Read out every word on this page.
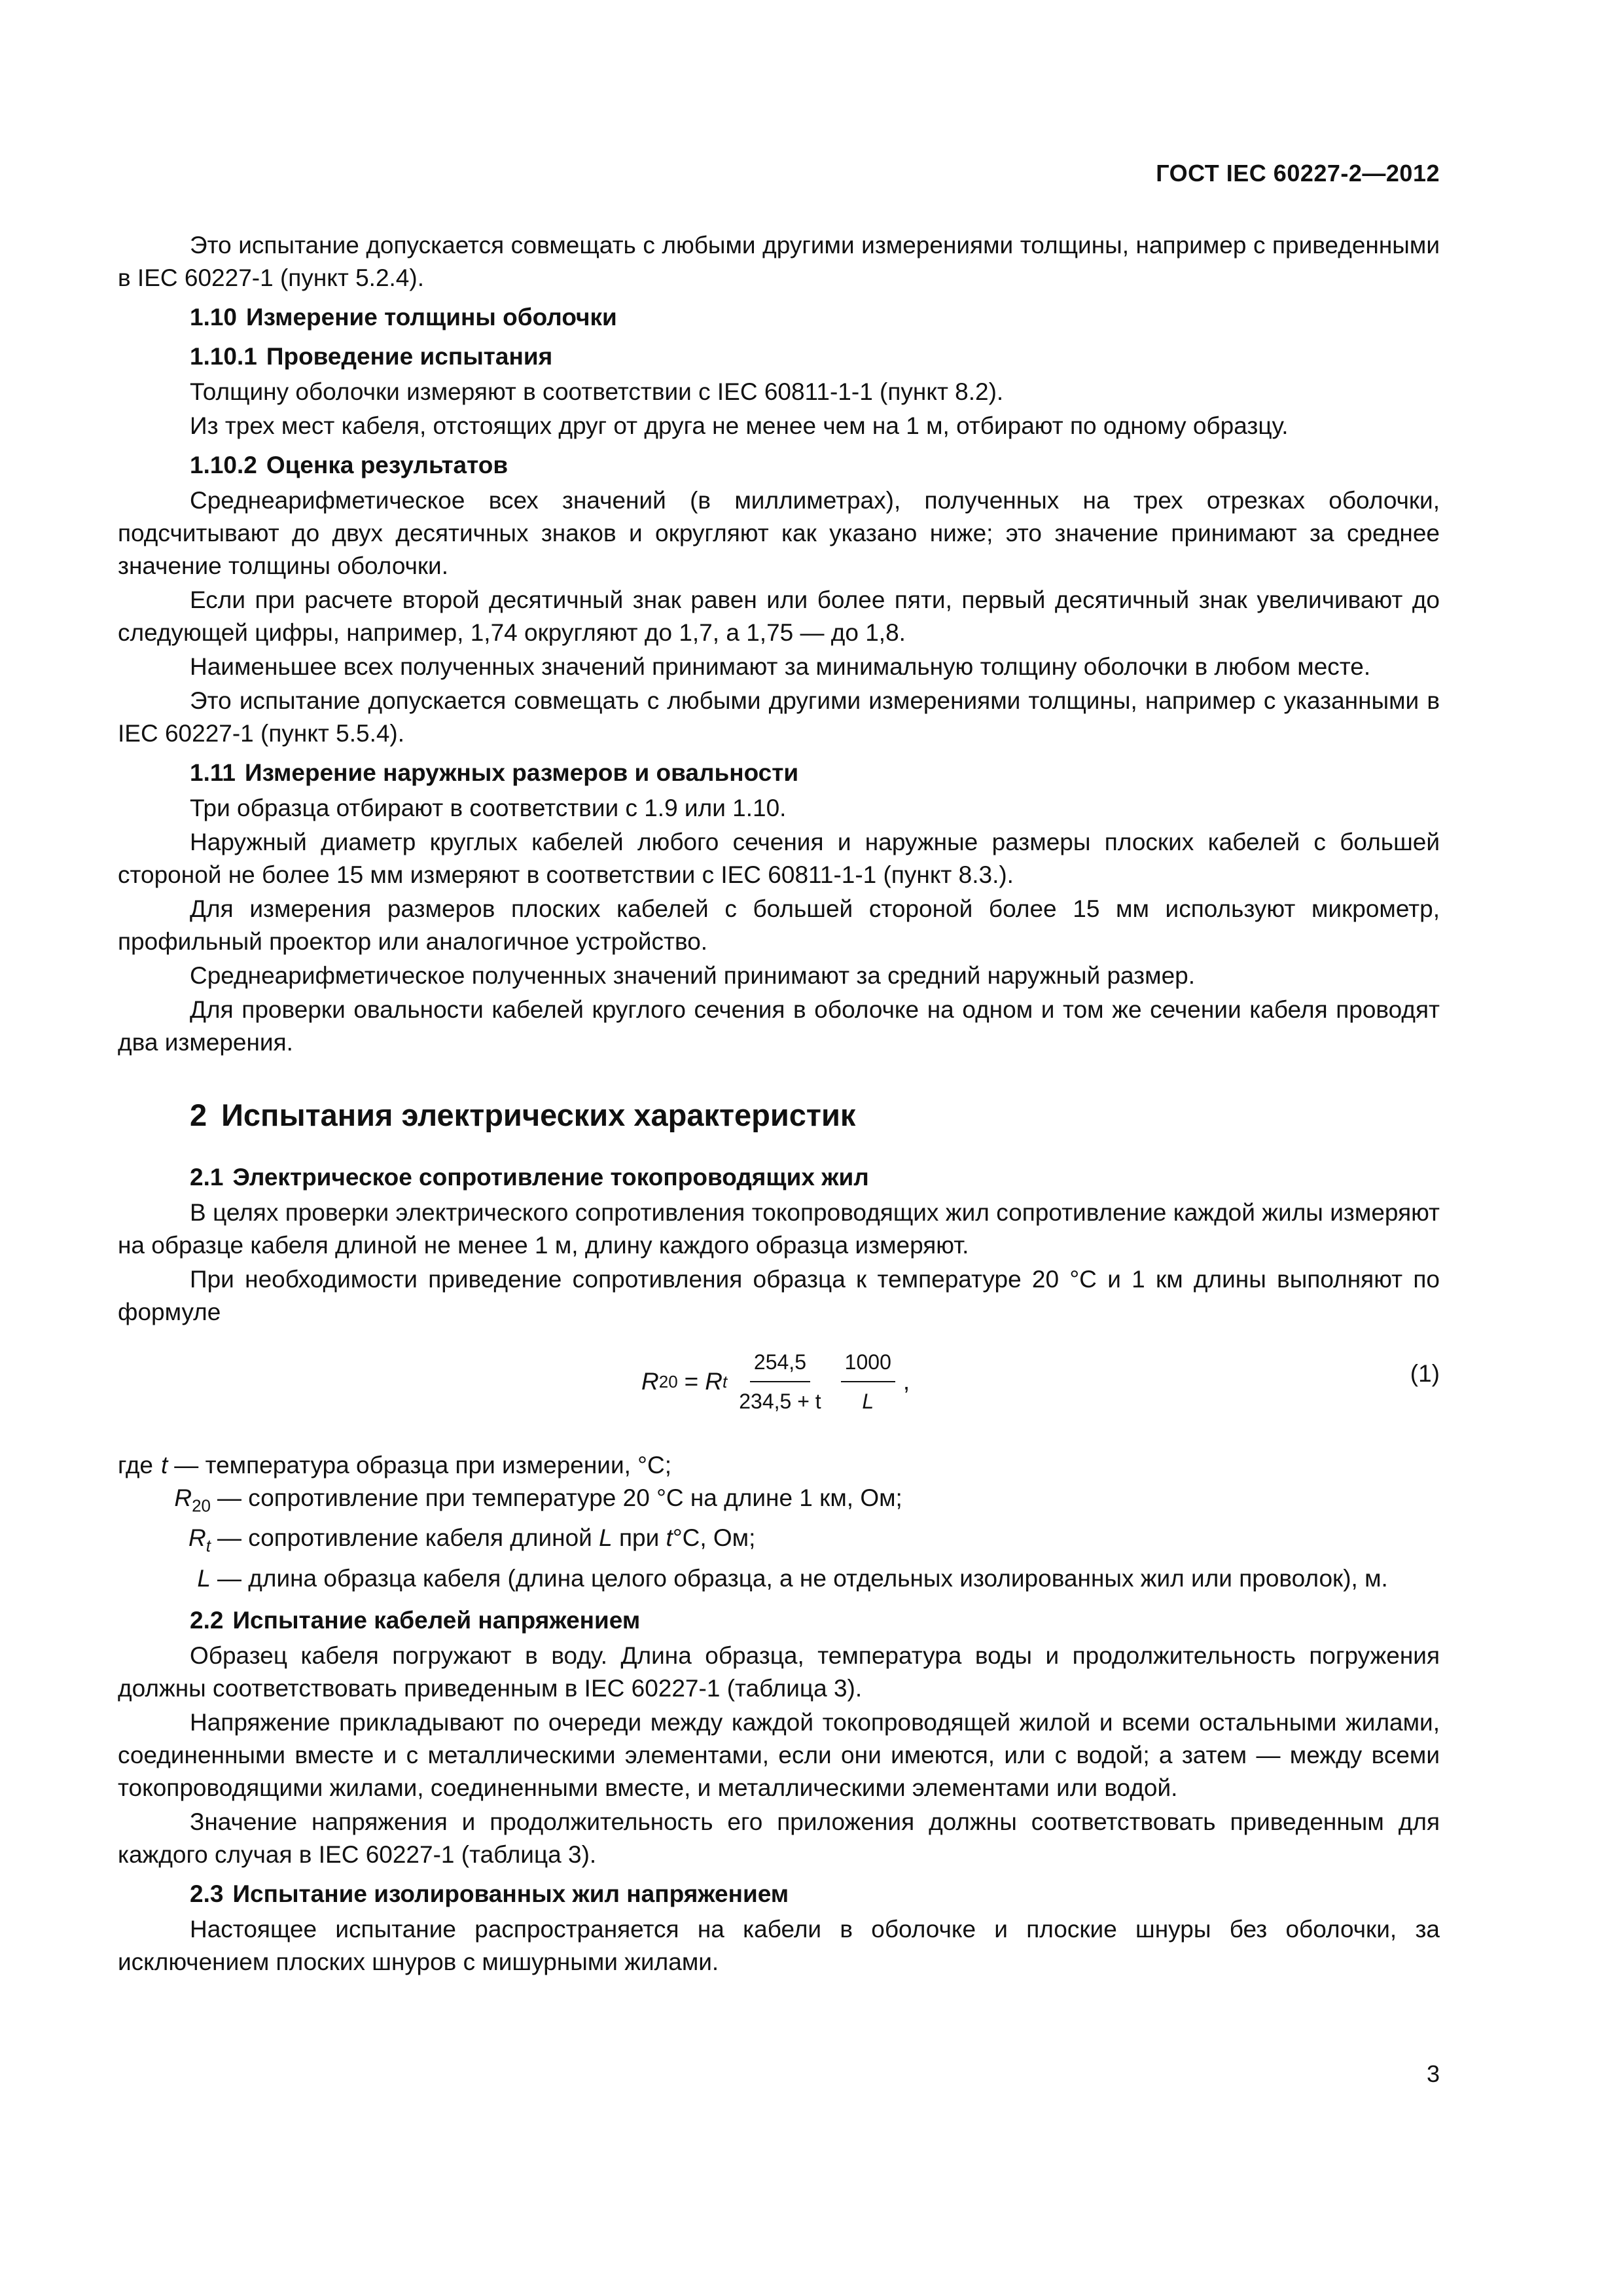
ГОСТ IEC 60227-2—2012

Это испытание допускается совмещать с любыми другими измерениями толщины, например с приведенными в IEC 60227-1 (пункт 5.2.4).

1.10 Измерение толщины оболочки
1.10.1 Проведение испытания

Толщину оболочки измеряют в соответствии с IEC 60811-1-1 (пункт 8.2).

Из трех мест кабеля, отстоящих друг от друга не менее чем на 1 м, отбирают по одному образцу.

1.10.2 Оценка результатов

Среднеарифметическое всех значений (в миллиметрах), полученных на трех отрезках оболочки, подсчитывают до двух десятичных знаков и округляют как указано ниже; это значение принимают за среднее значение толщины оболочки.

Если при расчете второй десятичный знак равен или более пяти, первый десятичный знак увеличивают до следующей цифры, например, 1,74 округляют до 1,7, а 1,75 — до 1,8.

Наименьшее всех полученных значений принимают за минимальную толщину оболочки в любом месте.

Это испытание допускается совмещать с любыми другими измерениями толщины, например с указанными в IEC 60227-1 (пункт 5.5.4).

1.11 Измерение наружных размеров и овальности

Три образца отбирают в соответствии с 1.9 или 1.10.

Наружный диаметр круглых кабелей любого сечения и наружные размеры плоских кабелей с большей стороной не более 15 мм измеряют в соответствии с IEC 60811-1-1 (пункт 8.3.).

Для измерения размеров плоских кабелей с большей стороной более 15 мм используют микрометр, профильный проектор или аналогичное устройство.

Среднеарифметическое полученных значений принимают за средний наружный размер.

Для проверки овальности кабелей круглого сечения в оболочке на одном и том же сечении кабеля проводят два измерения.

2 Испытания электрических характеристик
2.1 Электрическое сопротивление токопроводящих жил

В целях проверки электрического сопротивления токопроводящих жил сопротивление каждой жилы измеряют на образце кабеля длиной не менее 1 м, длину каждого образца измеряют.

При необходимости приведение сопротивления образца к температуре 20 °С и 1 км длины выполняют по формуле

R 20 = R t $\frac{254,5}{234,5 + t} \frac{1000}{L}$ ,	(1)
где t — температура образца при измерении, °С;
$R_{20}$ — сопротивление при температуре 20 °С на длине 1 км, Ом;
$R_t$ — сопротивление кабеля длиной L при t°С, Ом;
L — длина образца кабеля (длина целого образца, а не отдельных изолированных жил или проволок), м.
2.2 Испытание кабелей напряжением

Образец кабеля погружают в воду. Длина образца, температура воды и продолжительность погружения должны соответствовать приведенным в IEC 60227-1 (таблица 3).

Напряжение прикладывают по очереди между каждой токопроводящей жилой и всеми остальными жилами, соединенными вместе и с металлическими элементами, если они имеются, или с водой; а затем — между всеми токопроводящими жилами, соединенными вместе, и металлическими элементами или водой.

Значение напряжения и продолжительность его приложения должны соответствовать приведенным для каждого случая в IEC 60227-1 (таблица 3).

2.3 Испытание изолированных жил напряжением

Настоящее испытание распространяется на кабели в оболочке и плоские шнуры без оболочки, за исключением плоских шнуров с мишурными жилами.

3
